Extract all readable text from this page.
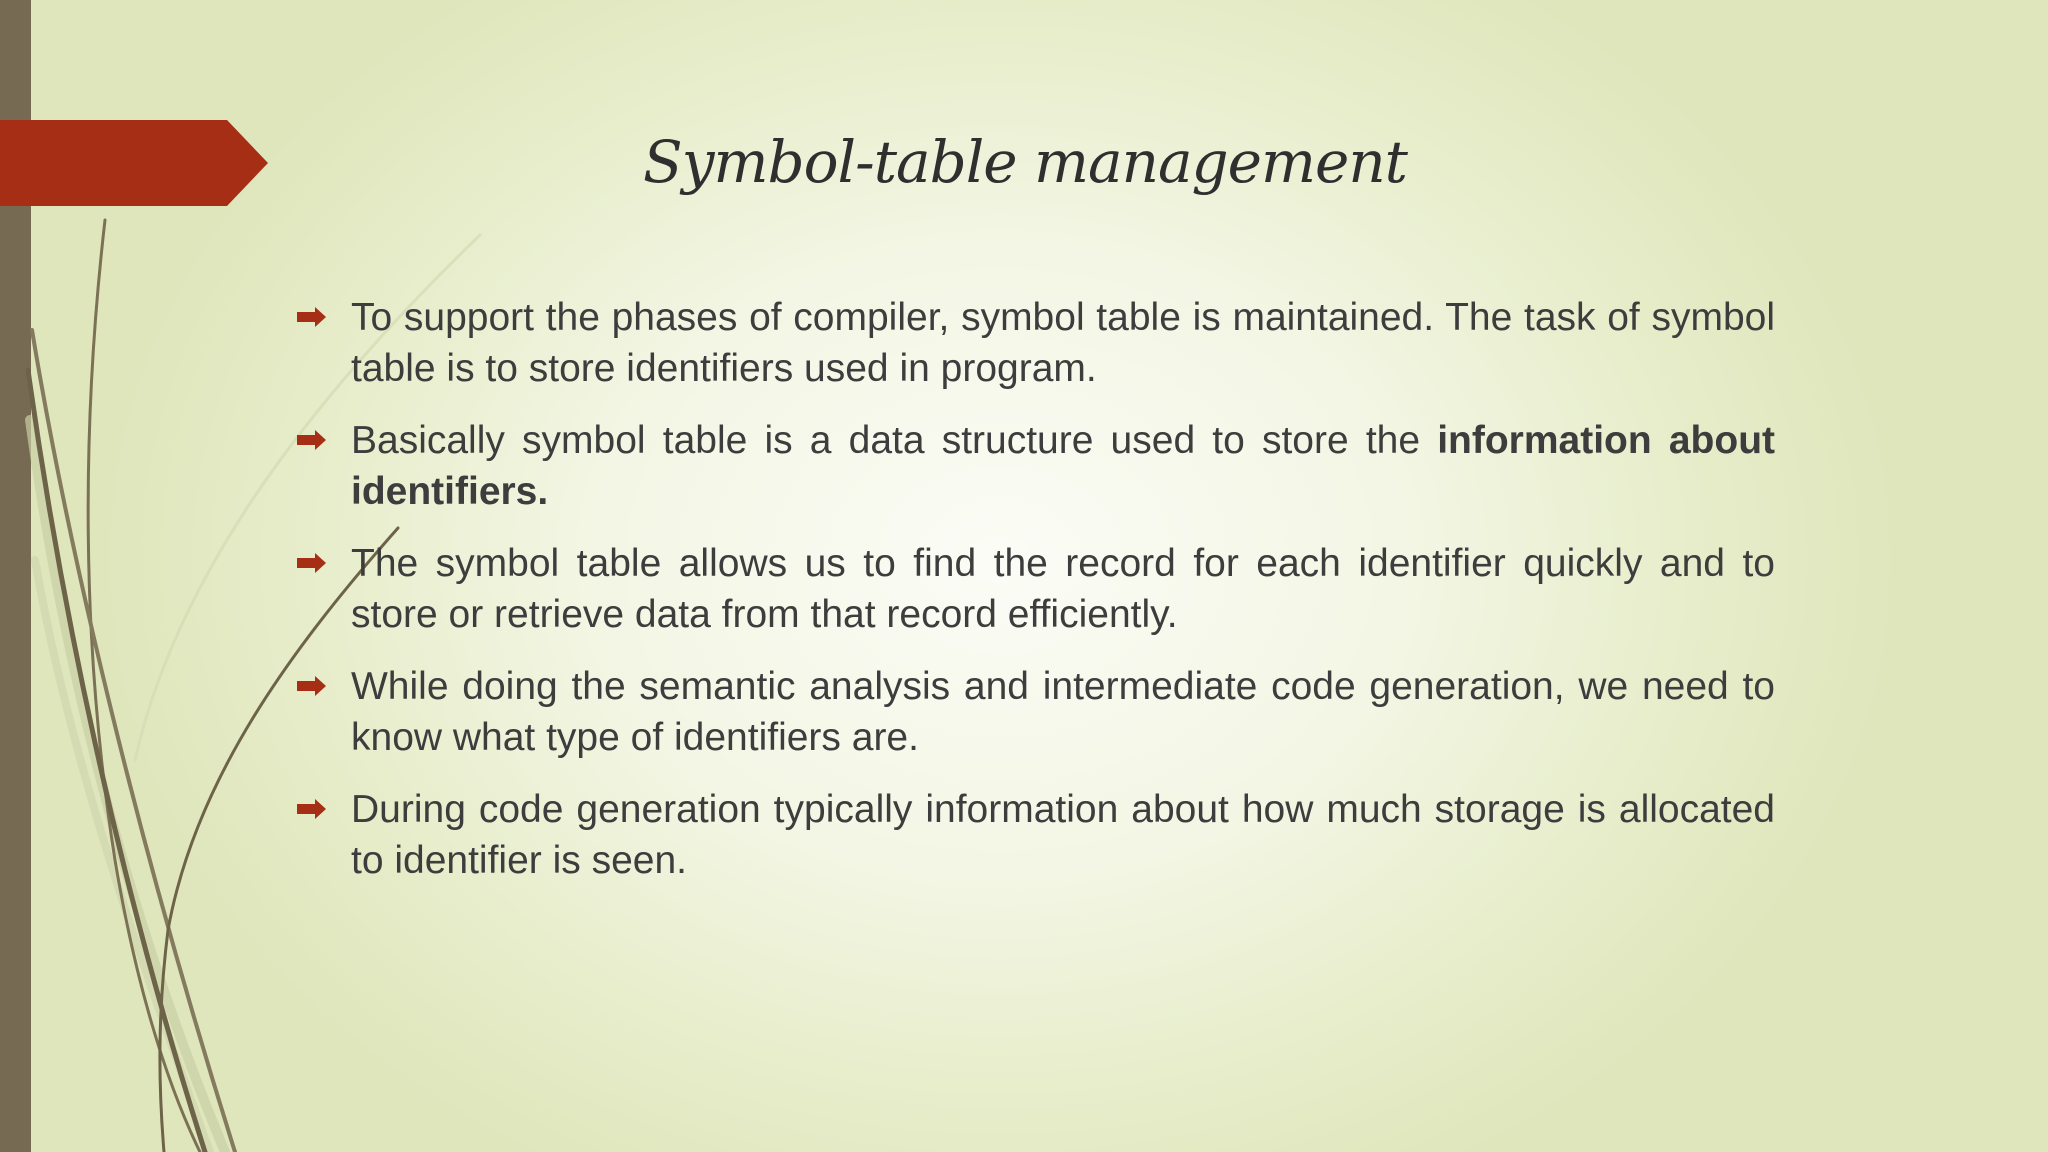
Symbol-table management
To support the phases of compiler, symbol table is maintained. The task of symbol table is to store identifiers used in program.
Basically symbol table is a data structure used to store the information about identifiers.
The symbol table allows us to find the record for each identifier quickly and to store or retrieve data from that record efficiently.
While doing the semantic analysis and intermediate code generation, we need to know what type of identifiers are.
During code generation typically information about how much storage is allocated to identifier is seen.
